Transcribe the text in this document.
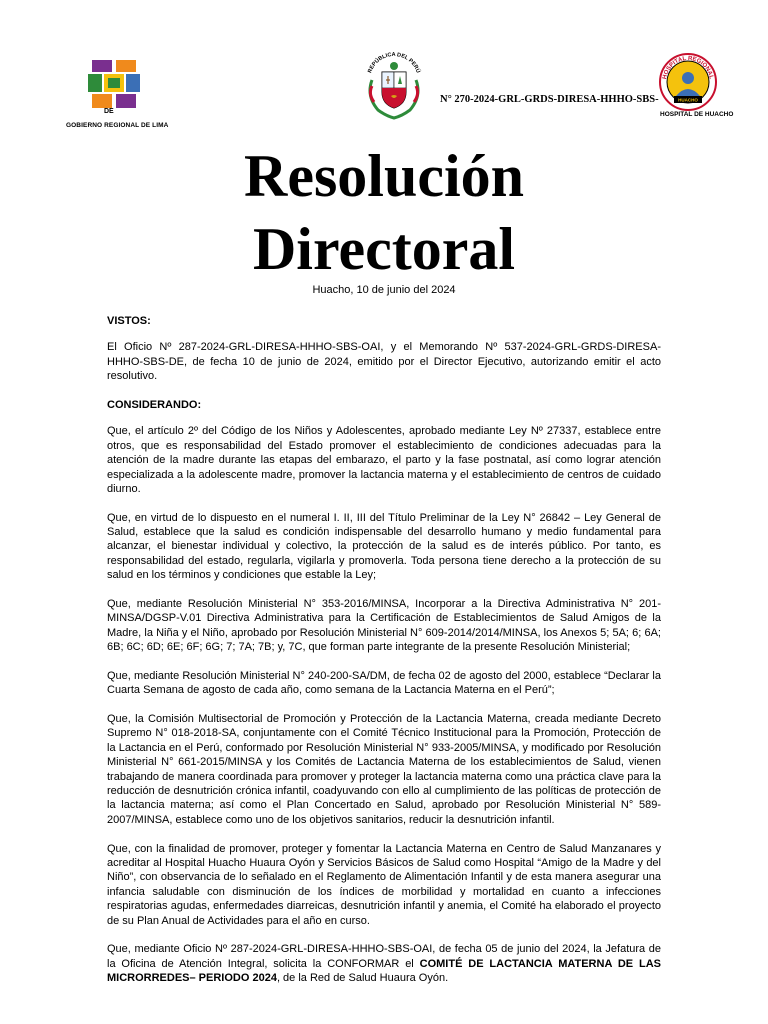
DE
GOBIERNO REGIONAL DE LIMA
REPÚBLICA DEL PERÚ
N° 270-2024-GRL-GRDS-DIRESA-HHHO-SBS-
HOSPITAL REGIONAL
HUACHO
HOSPITAL DE HUACHO
Resolución
Directoral
Huacho, 10 de junio del 2024
VISTOS:

El Oficio Nº 287-2024-GRL-DIRESA-HHHO-SBS-OAI, y el Memorando Nº 537-2024-GRL-GRDS-DIRESA-HHHO-SBS-DE, de fecha 10 de junio de 2024, emitido por el Director Ejecutivo, autorizando emitir el acto resolutivo.

CONSIDERANDO:

Que, el artículo 2º del Código de los Niños y Adolescentes, aprobado mediante Ley Nº 27337, establece entre otros, que es responsabilidad del Estado promover el establecimiento de condiciones adecuadas para la atención de la madre durante las etapas del embarazo, el parto y la fase postnatal, así como lograr atención especializada a la adolescente madre, promover la lactancia materna y el establecimiento de centros de cuidado diurno.

Que, en virtud de lo dispuesto en el numeral I. II, III del Título Preliminar de la Ley N° 26842 – Ley General de Salud, establece que la salud es condición indispensable del desarrollo humano y medio fundamental para alcanzar, el bienestar individual y colectivo, la protección de la salud es de interés público. Por tanto, es responsabilidad del estado, regularla, vigilarla y promoverla. Toda persona tiene derecho a la protección de su salud en los términos y condiciones que estable la Ley;

Que, mediante Resolución Ministerial N° 353-2016/MINSA, Incorporar a la Directiva Administrativa N° 201-MINSA/DGSP-V.01 Directiva Administrativa para la Certificación de Establecimientos de Salud Amigos de la Madre, la Niña y el Niño, aprobado por Resolución Ministerial N° 609-2014/2014/MINSA, los Anexos 5; 5A; 6; 6A; 6B; 6C; 6D; 6E; 6F; 6G; 7; 7A; 7B; y, 7C, que forman parte integrante de la presente Resolución Ministerial;

Que, mediante Resolución Ministerial N° 240-200-SA/DM, de fecha 02 de agosto del 2000, establece “Declarar la Cuarta Semana de agosto de cada año, como semana de la Lactancia Materna en el Perú”;

Que, la Comisión Multisectorial de Promoción y Protección de la Lactancia Materna, creada mediante Decreto Supremo N° 018-2018-SA, conjuntamente con el Comité Técnico Institucional para la Promoción, Protección de la Lactancia en el Perú, conformado por Resolución Ministerial N° 933-2005/MINSA, y modificado por Resolución Ministerial N° 661-2015/MINSA y los Comités de Lactancia Materna de los establecimientos de Salud, vienen trabajando de manera coordinada para promover y proteger la lactancia materna como una práctica clave para la reducción de desnutrición crónica infantil, coadyuvando con ello al cumplimiento de las políticas de protección de la lactancia materna; así como el Plan Concertado en Salud, aprobado por Resolución Ministerial N° 589-2007/MINSA, establece como uno de los objetivos sanitarios, reducir la desnutrición infantil.

Que, con la finalidad de promover, proteger y fomentar la Lactancia Materna en Centro de Salud Manzanares y acreditar al Hospital Huacho Huaura Oyón y Servicios Básicos de Salud como Hospital “Amigo de la Madre y del Niño”, con observancia de lo señalado en el Reglamento de Alimentación Infantil y de esta manera asegurar una infancia saludable con disminución de los índices de morbilidad y mortalidad en cuanto a infecciones respiratorias agudas, enfermedades diarreicas, desnutrición infantil y anemia, el Comité ha elaborado el proyecto de su Plan Anual de Actividades para el año en curso.

Que, mediante Oficio Nº 287-2024-GRL-DIRESA-HHHO-SBS-OAI, de fecha 05 de junio del 2024, la Jefatura de la Oficina de Atención Integral, solicita la CONFORMAR el COMITÉ DE LACTANCIA MATERNA DE LAS MICRORREDES– PERIODO 2024, de la Red de Salud Huaura Oyón.
